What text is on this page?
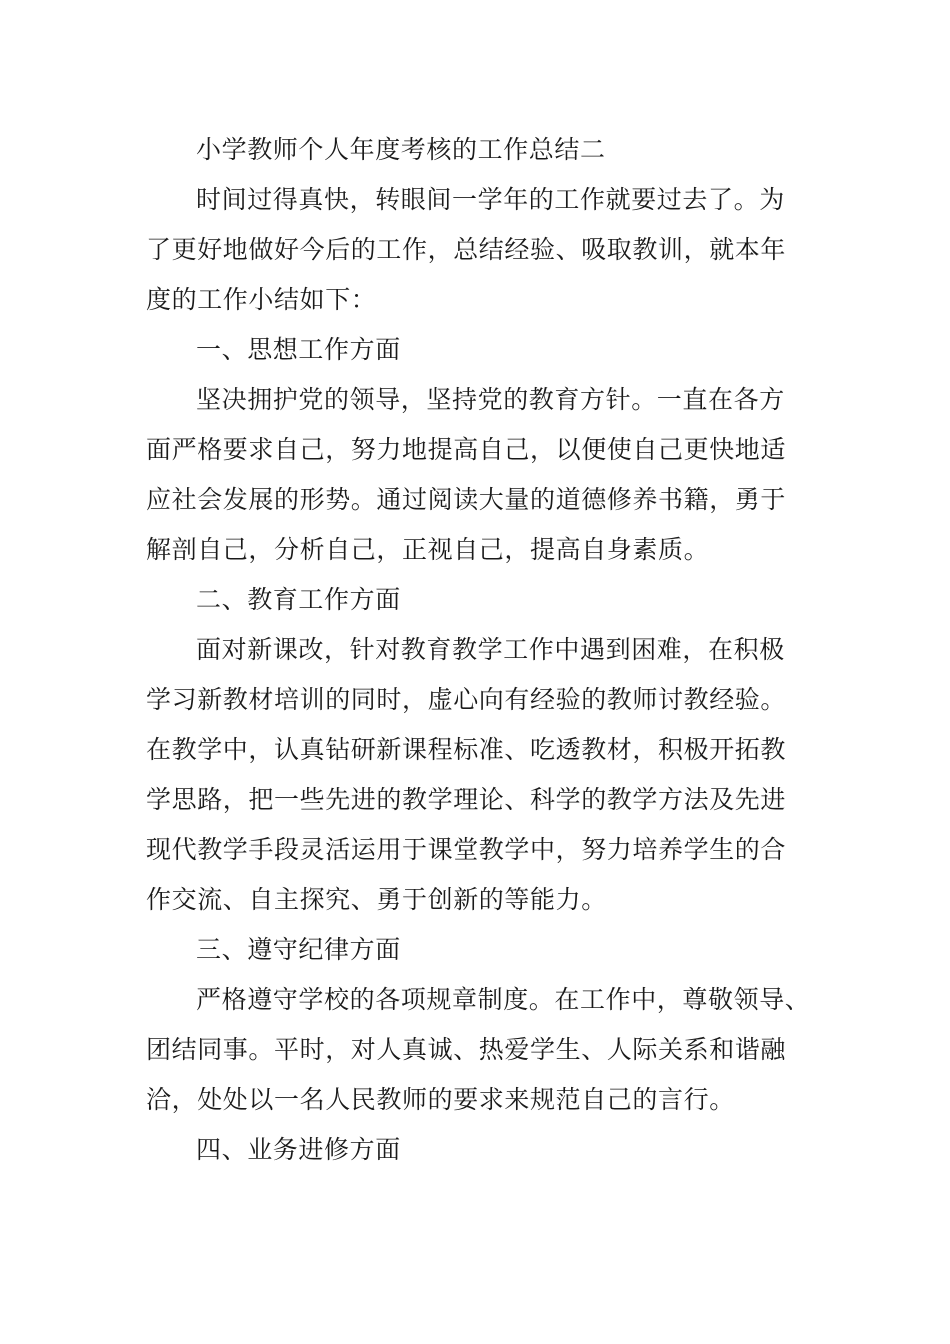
小学教师个人年度考核的工作总结二
时间过得真快，转眼间一学年的工作就要过去了。为
了更好地做好今后的工作，总结经验、吸取教训，就本年
度的工作小结如下：
一、思想工作方面
坚决拥护党的领导，坚持党的教育方针。一直在各方
面严格要求自己，努力地提高自己，以便使自己更快地适
应社会发展的形势。通过阅读大量的道德修养书籍，勇于
解剖自己，分析自己，正视自己，提高自身素质。
二、教育工作方面
面对新课改，针对教育教学工作中遇到困难，在积极
学习新教材培训的同时，虚心向有经验的教师讨教经验。
在教学中，认真钻研新课程标准、吃透教材，积极开拓教
学思路，把一些先进的教学理论、科学的教学方法及先进
现代教学手段灵活运用于课堂教学中，努力培养学生的合
作交流、自主探究、勇于创新的等能力。
三、遵守纪律方面
严格遵守学校的各项规章制度。在工作中，尊敬领导、
团结同事。平时，对人真诚、热爱学生、人际关系和谐融
洽，处处以一名人民教师的要求来规范自己的言行。
四、业务进修方面
